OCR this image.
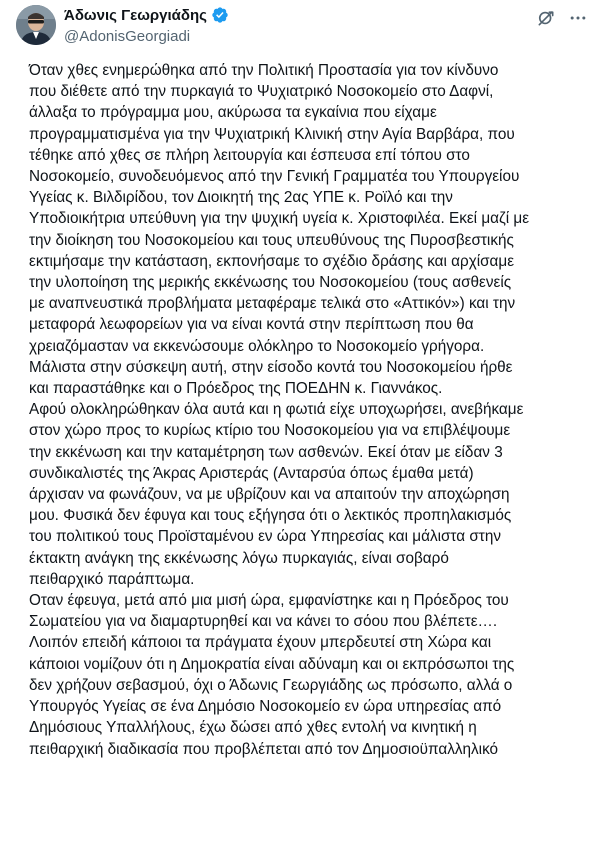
Άδωνις Γεωργιάδης
@AdonisGeorgiadi
Όταν χθες ενημερώθηκα από την Πολιτική Προστασία για τον κίνδυνο
που διέθετε από την πυρκαγιά το Ψυχιατρικό Νοσοκομείο στο Δαφνί,
άλλαξα το πρόγραμμα μου, ακύρωσα τα εγκαίνια που είχαμε
προγραμματισμένα για την Ψυχιατρική Κλινική στην Αγία Βαρβάρα, που
τέθηκε από χθες σε πλήρη λειτουργία και έσπευσα επί τόπου στο
Νοσοκομείο, συνοδευόμενος από την Γενική Γραμματέα του Υπουργείου
Υγείας κ. Βιλδιρίδου, τον Διοικητή της 2ας ΥΠΕ κ. Ροϊλό και την
Υποδιοικήτρια υπεύθυνη για την ψυχική υγεία κ. Χριστοφιλέα. Εκεί μαζί με
την διοίκηση του Νοσοκομείου και τους υπευθύνους της Πυροσβεστικής
εκτιμήσαμε την κατάσταση, εκπονήσαμε το σχέδιο δράσης και αρχίσαμε
την υλοποίηση της μερικής εκκένωσης του Νοσοκομείου (τους ασθενείς
με αναπνευστικά προβλήματα μεταφέραμε τελικά στο «Αττικόν») και την
μεταφορά λεωφορείων για να είναι κοντά στην περίπτωση που θα
χρειαζόμασταν να εκκενώσουμε ολόκληρο το Νοσοκομείο γρήγορα.
Μάλιστα στην σύσκεψη αυτή, στην είσοδο κοντά του Νοσοκομείου ήρθε
και παραστάθηκε και ο Πρόεδρος της ΠΟΕΔΗΝ κ. Γιαννάκος.
Αφού ολοκληρώθηκαν όλα αυτά και η φωτιά είχε υποχωρήσει, ανεβήκαμε
στον χώρο προς το κυρίως κτίριο του Νοσοκομείου για να επιβλέψουμε
την εκκένωση και την καταμέτρηση των ασθενών. Εκεί όταν με είδαν 3
συνδικαλιστές της Άκρας Αριστεράς (Ανταρσύα όπως έμαθα μετά)
άρχισαν να φωνάζουν, να με υβρίζουν και να απαιτούν την αποχώρηση
μου. Φυσικά δεν έφυγα και τους εξήγησα ότι ο λεκτικός προπηλακισμός
του πολιτικού τους Προϊσταμένου εν ώρα Υπηρεσίας και μάλιστα στην
έκτακτη ανάγκη της εκκένωσης λόγω πυρκαγιάς, είναι σοβαρό
πειθαρχικό παράπτωμα.
Οταν έφευγα, μετά από μια μισή ώρα, εμφανίστηκε και η Πρόεδρος του
Σωματείου για να διαμαρτυρηθεί και να κάνει το σόου που βλέπετε….
Λοιπόν επειδή κάποιοι τα πράγματα έχουν μπερδευτεί στη Χώρα και
κάποιοι νομίζουν ότι η Δημοκρατία είναι αδύναμη και οι εκπρόσωποι της
δεν χρήζουν σεβασμού, όχι ο Άδωνις Γεωργιάδης ως πρόσωπο, αλλά ο
Υπουργός Υγείας σε ένα Δημόσιο Νοσοκομείο εν ώρα υπηρεσίας από
Δημόσιους Υπαλλήλους, έχω δώσει από χθες εντολή να κινητική η
πειθαρχική διαδικασία που προβλέπεται από τον Δημοσιοϋπαλληλικό
